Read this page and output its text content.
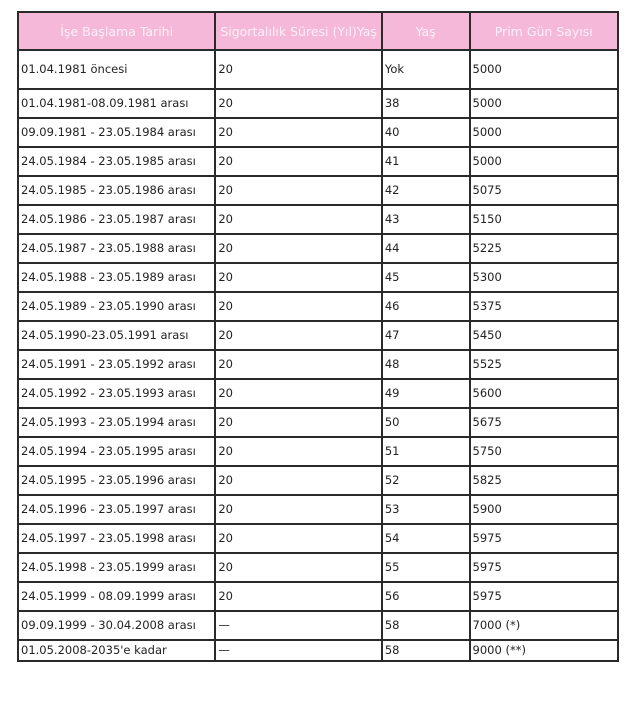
İşe Başlama Tarihi	Sigortalılık Süresi (Yıl)Yaş	Yaş	Prim Gün Sayısı
01.04.1981 öncesi	20	Yok	5000
01.04.1981-08.09.1981 arası	20	38	5000
09.09.1981 - 23.05.1984 arası	20	40	5000
24.05.1984 - 23.05.1985 arası	20	41	5000
24.05.1985 - 23.05.1986 arası	20	42	5075
24.05.1986 - 23.05.1987 arası	20	43	5150
24.05.1987 - 23.05.1988 arası	20	44	5225
24.05.1988 - 23.05.1989 arası	20	45	5300
24.05.1989 - 23.05.1990 arası	20	46	5375
24.05.1990-23.05.1991 arası	20	47	5450
24.05.1991 - 23.05.1992 arası	20	48	5525
24.05.1992 - 23.05.1993 arası	20	49	5600
24.05.1993 - 23.05.1994 arası	20	50	5675
24.05.1994 - 23.05.1995 arası	20	51	5750
24.05.1995 - 23.05.1996 arası	20	52	5825
24.05.1996 - 23.05.1997 arası	20	53	5900
24.05.1997 - 23.05.1998 arası	20	54	5975
24.05.1998 - 23.05.1999 arası	20	55	5975
24.05.1999 - 08.09.1999 arası	20	56	5975
09.09.1999 - 30.04.2008 arası	—	58	7000 (*)
01.05.2008-2035'e kadar	—	58	9000 (**)
